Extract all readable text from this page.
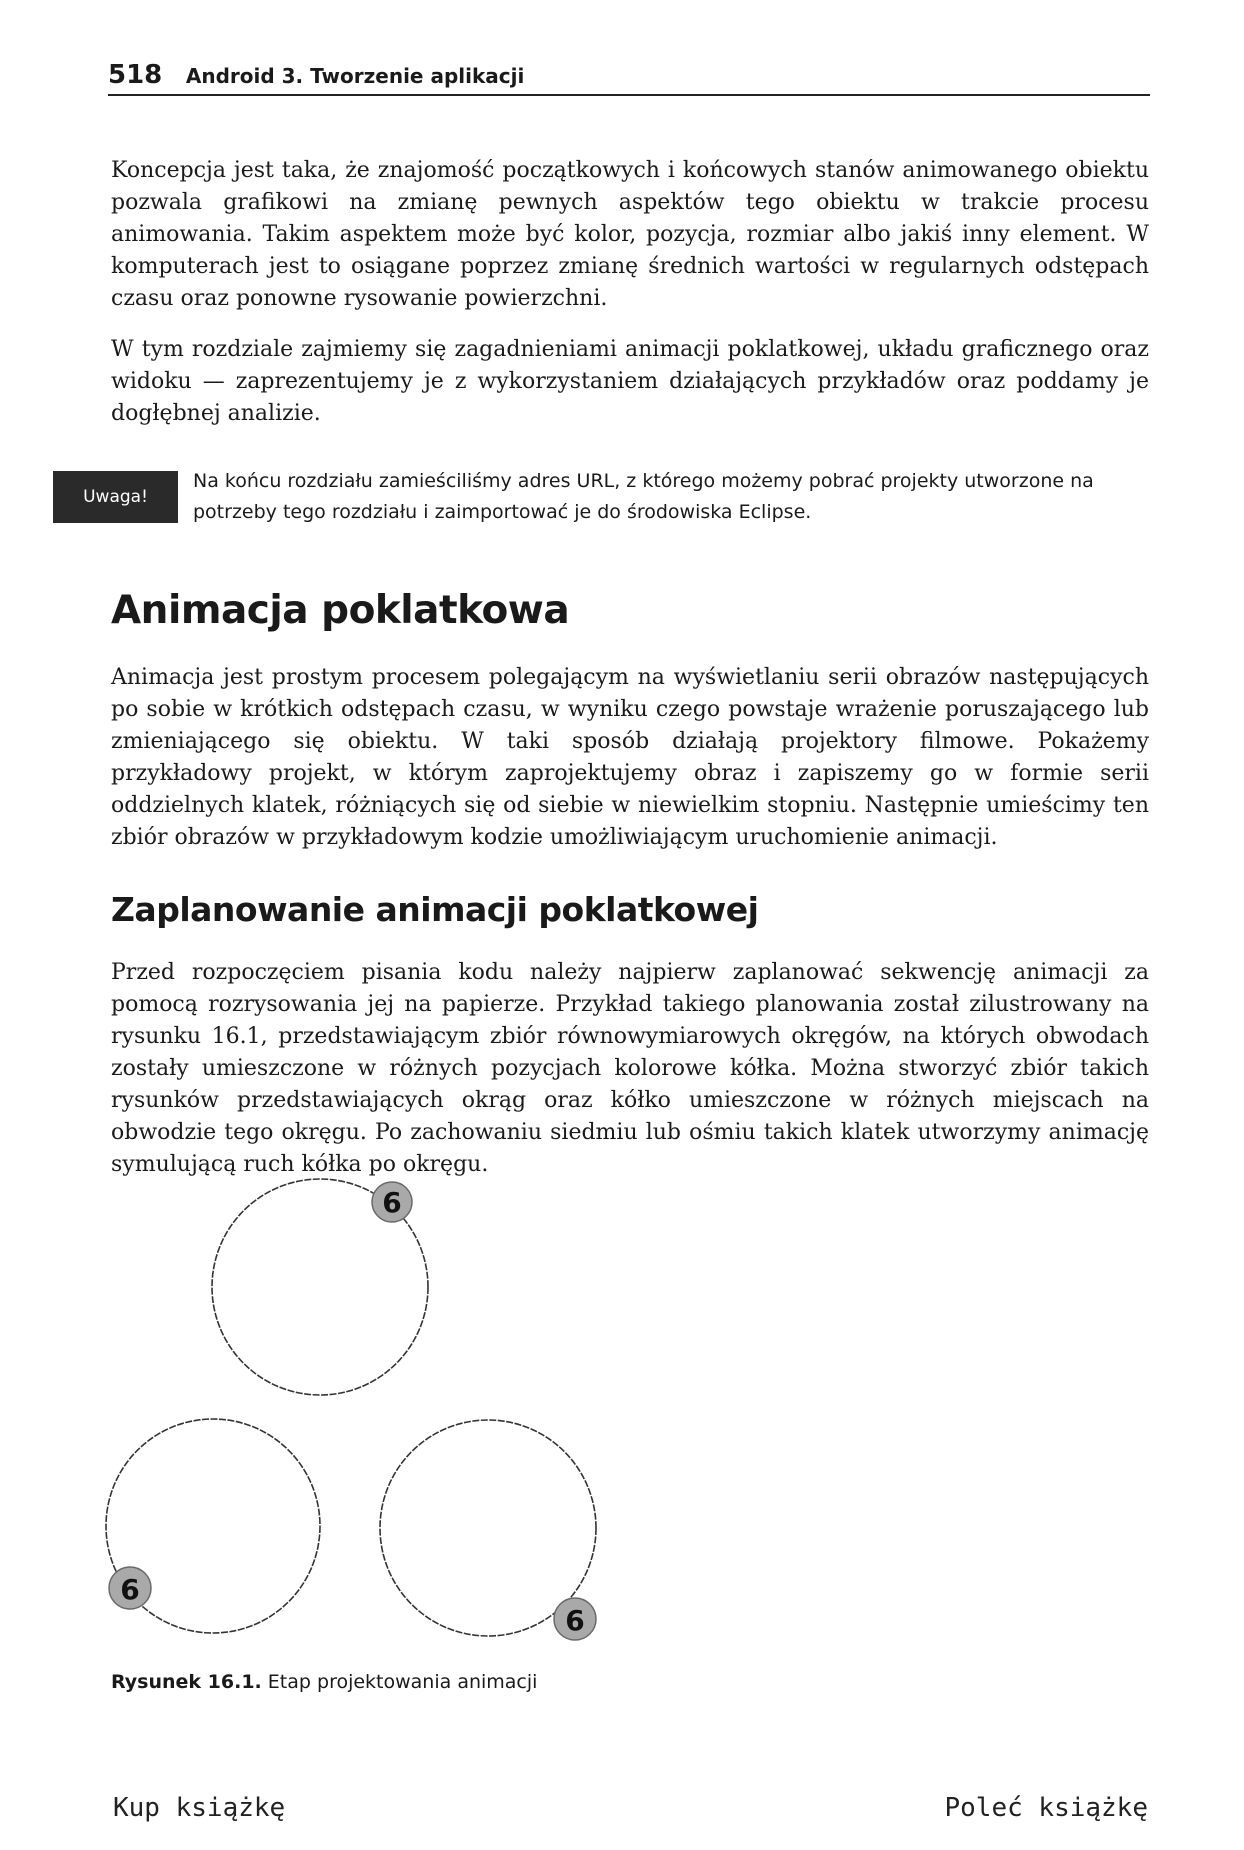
518 Android 3. Tworzenie aplikacji

Koncepcja jest taka, że znajomość początkowych i końcowych stanów animowanego obiektu pozwala grafikowi na zmianę pewnych aspektów tego obiektu w trakcie procesu animowania. Takim aspektem może być kolor, pozycja, rozmiar albo jakiś inny element. W komputerach jest to osiągane poprzez zmianę średnich wartości w regularnych odstępach czasu oraz ponowne rysowanie powierzchni.

W tym rozdziale zajmiemy się zagadnieniami animacji poklatkowej, układu graficznego oraz widoku — zaprezentujemy je z wykorzystaniem działających przykładów oraz poddamy je dogłębnej analizie.

Uwaga!

Na końcu rozdziału zamieściliśmy adres URL, z którego możemy pobrać projekty utworzone na potrzeby tego rozdziału i zaimportować je do środowiska Eclipse.

Animacja poklatkowa

Animacja jest prostym procesem polegającym na wyświetlaniu serii obrazów następujących po sobie w krótkich odstępach czasu, w wyniku czego powstaje wrażenie poruszającego lub zmieniającego się obiektu. W taki sposób działają projektory filmowe. Pokażemy przykładowy projekt, w którym zaprojektujemy obraz i zapiszemy go w formie serii oddzielnych klatek, różniących się od siebie w niewielkim stopniu. Następnie umieścimy ten zbiór obrazów w przykładowym kodzie umożliwiającym uruchomienie animacji.

Zaplanowanie animacji poklatkowej

Przed rozpoczęciem pisania kodu należy najpierw zaplanować sekwencję animacji za pomocą rozrysowania jej na papierze. Przykład takiego planowania został zilustrowany na rysunku 16.1, przedstawiającym zbiór równowymiarowych okręgów, na których obwodach zostały umieszczone w różnych pozycjach kolorowe kółka. Można stworzyć zbiór takich rysunków przedstawiających okrąg oraz kółko umieszczone w różnych miejscach na obwodzie tego okręgu. Po zachowaniu siedmiu lub ośmiu takich klatek utworzymy animację symulującą ruch kółka po okręgu.

6
6
6

Rysunek 16.1. Etap projektowania animacji

Kup książkę	Poleć książkę
